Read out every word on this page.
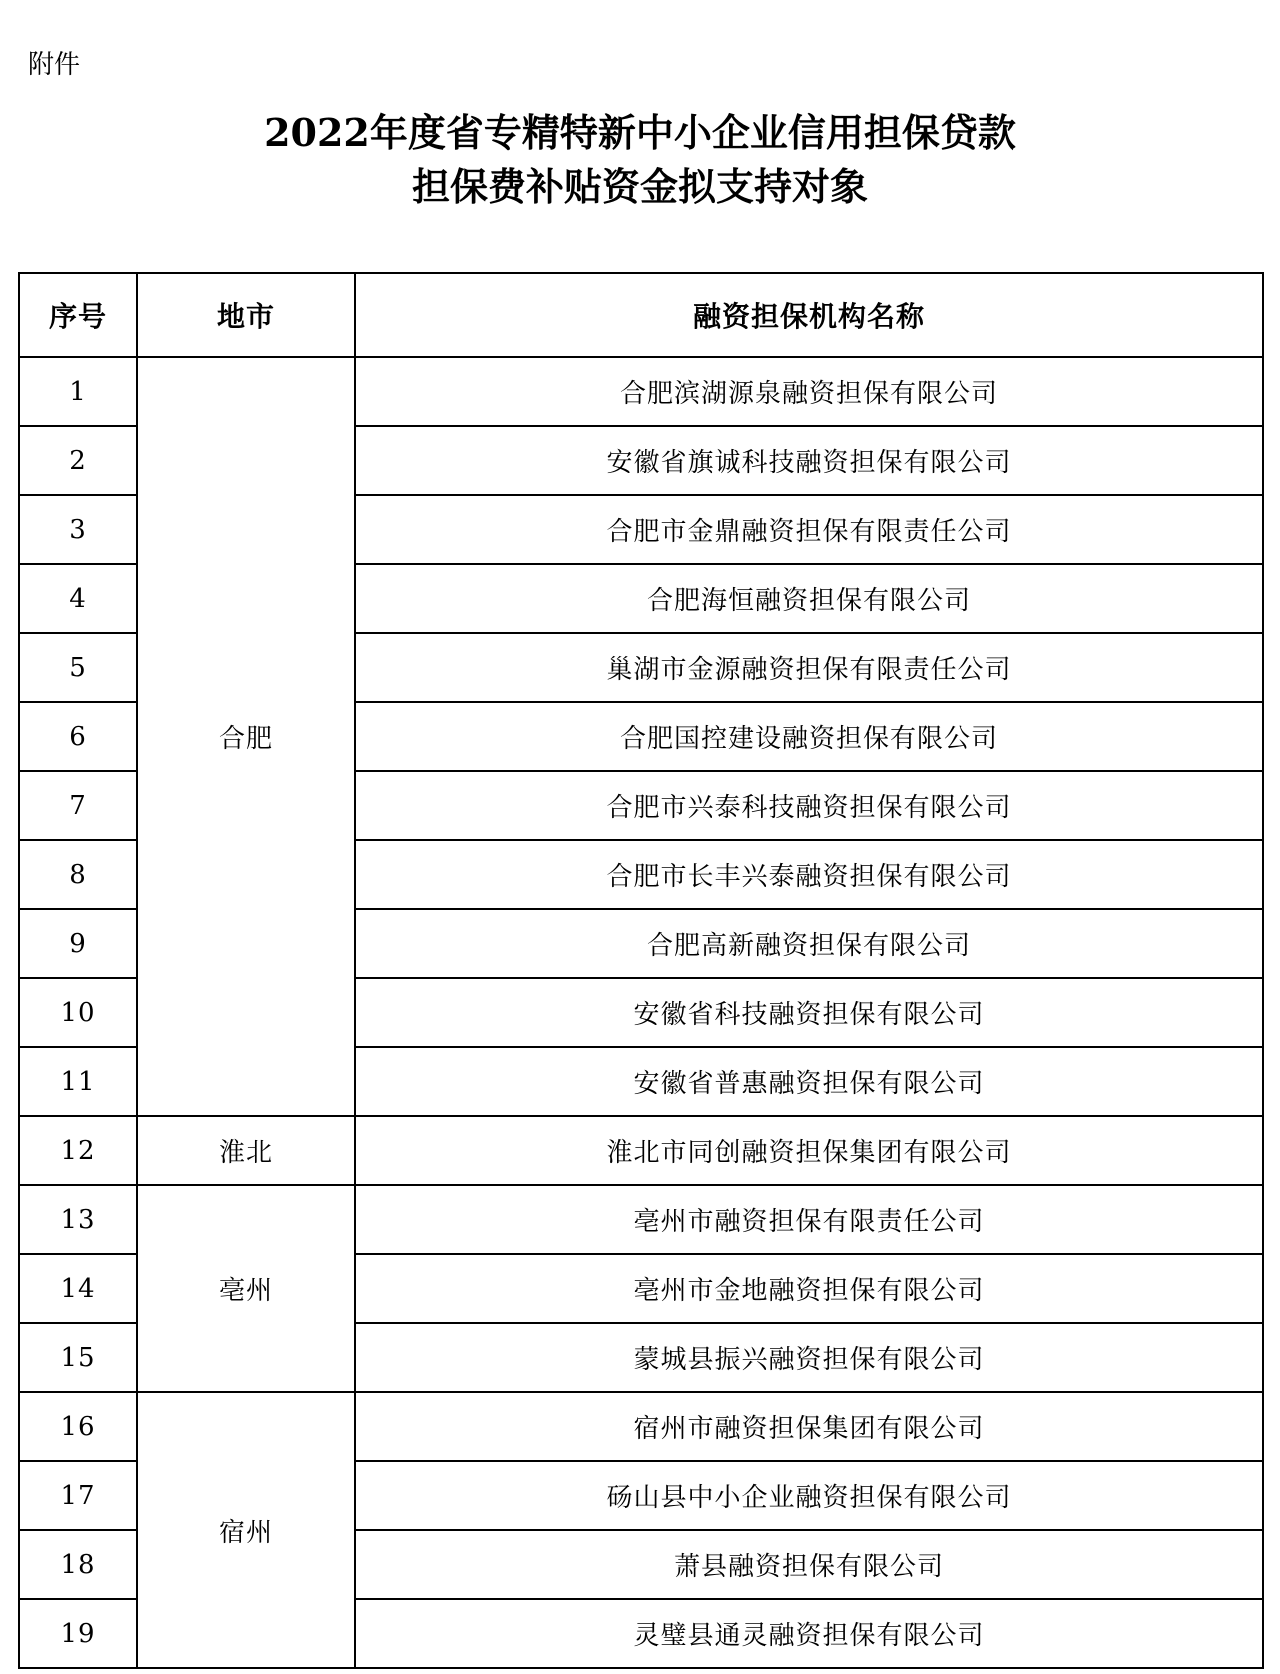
附件
2022年度省专精特新中小企业信用担保贷款
担保费补贴资金拟支持对象
序号	地市	融资担保机构名称
1	合肥	合肥滨湖源泉融资担保有限公司
2		安徽省旗诚科技融资担保有限公司
3		合肥市金鼎融资担保有限责任公司
4		合肥海恒融资担保有限公司
5		巢湖市金源融资担保有限责任公司
6		合肥国控建设融资担保有限公司
7		合肥市兴泰科技融资担保有限公司
8		合肥市长丰兴泰融资担保有限公司
9		合肥高新融资担保有限公司
10		安徽省科技融资担保有限公司
11		安徽省普惠融资担保有限公司
12	淮北	淮北市同创融资担保集团有限公司
13	亳州	亳州市融资担保有限责任公司
14		亳州市金地融资担保有限公司
15		蒙城县振兴融资担保有限公司
16	宿州	宿州市融资担保集团有限公司
17		砀山县中小企业融资担保有限公司
18		萧县融资担保有限公司
19		灵璧县通灵融资担保有限公司
